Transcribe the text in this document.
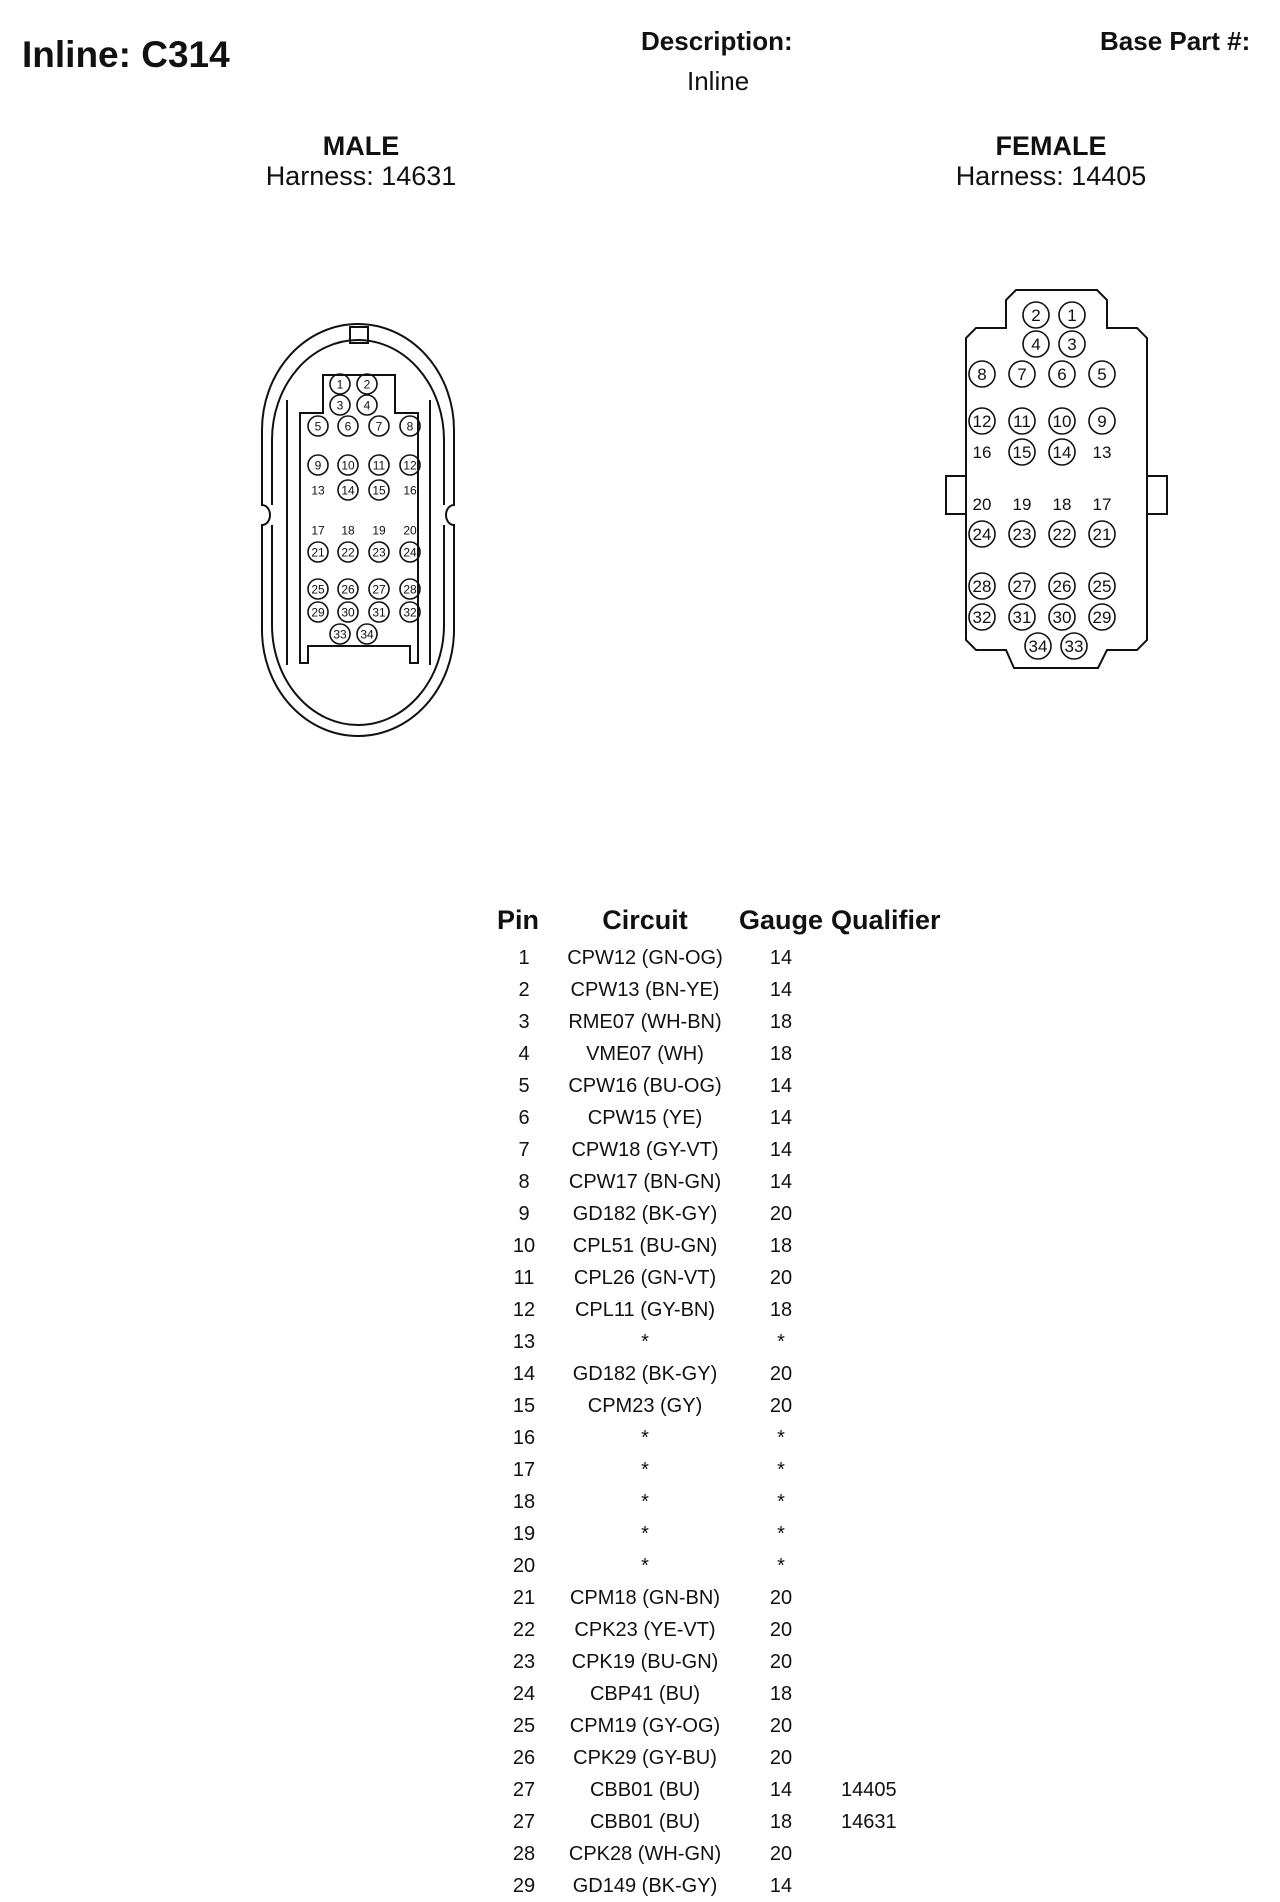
Inline: C314	Description:
Inline
Base Part #:
MALE
Harness: 14631
FEMALE
Harness: 14405
1 2
3 4
5 6 7 8
9 10 11 12
13 14 15 16
17 18 19 20
21 22 23 24
25 26 27 28
29 30 31 32
33 34
1
2
3
4
5
6
7
8
9
10
11
12
13
14
15
16
17
18
19
20
21
22
23
24
25
26
27
28
29
30
31
32
33
34
Pin	Circuit	Gauge	Qualifier
1	CPW12 (GN-OG)	14	
2	CPW13 (BN-YE)	14	
3	RME07 (WH-BN)	18	
4	VME07 (WH)	18	
5	CPW16 (BU-OG)	14	
6	CPW15 (YE)	14	
7	CPW18 (GY-VT)	14	
8	CPW17 (BN-GN)	14	
9	GD182 (BK-GY)	20	
10	CPL51 (BU-GN)	18	
11	CPL26 (GN-VT)	20	
12	CPL11 (GY-BN)	18	
13	*	*	
14	GD182 (BK-GY)	20	
15	CPM23 (GY)	20	
16	*	*	
17	*	*	
18	*	*	
19	*	*	
20	*	*	
21	CPM18 (GN-BN)	20	
22	CPK23 (YE-VT)	20	
23	CPK19 (BU-GN)	20	
24	CBP41 (BU)	18	
25	CPM19 (GY-OG)	20	
26	CPK29 (GY-BU)	20	
27	CBB01 (BU)	14	14405
27	CBB01 (BU)	18	14631
28	CPK28 (WH-GN)	20	
29	GD149 (BK-GY)	14	
